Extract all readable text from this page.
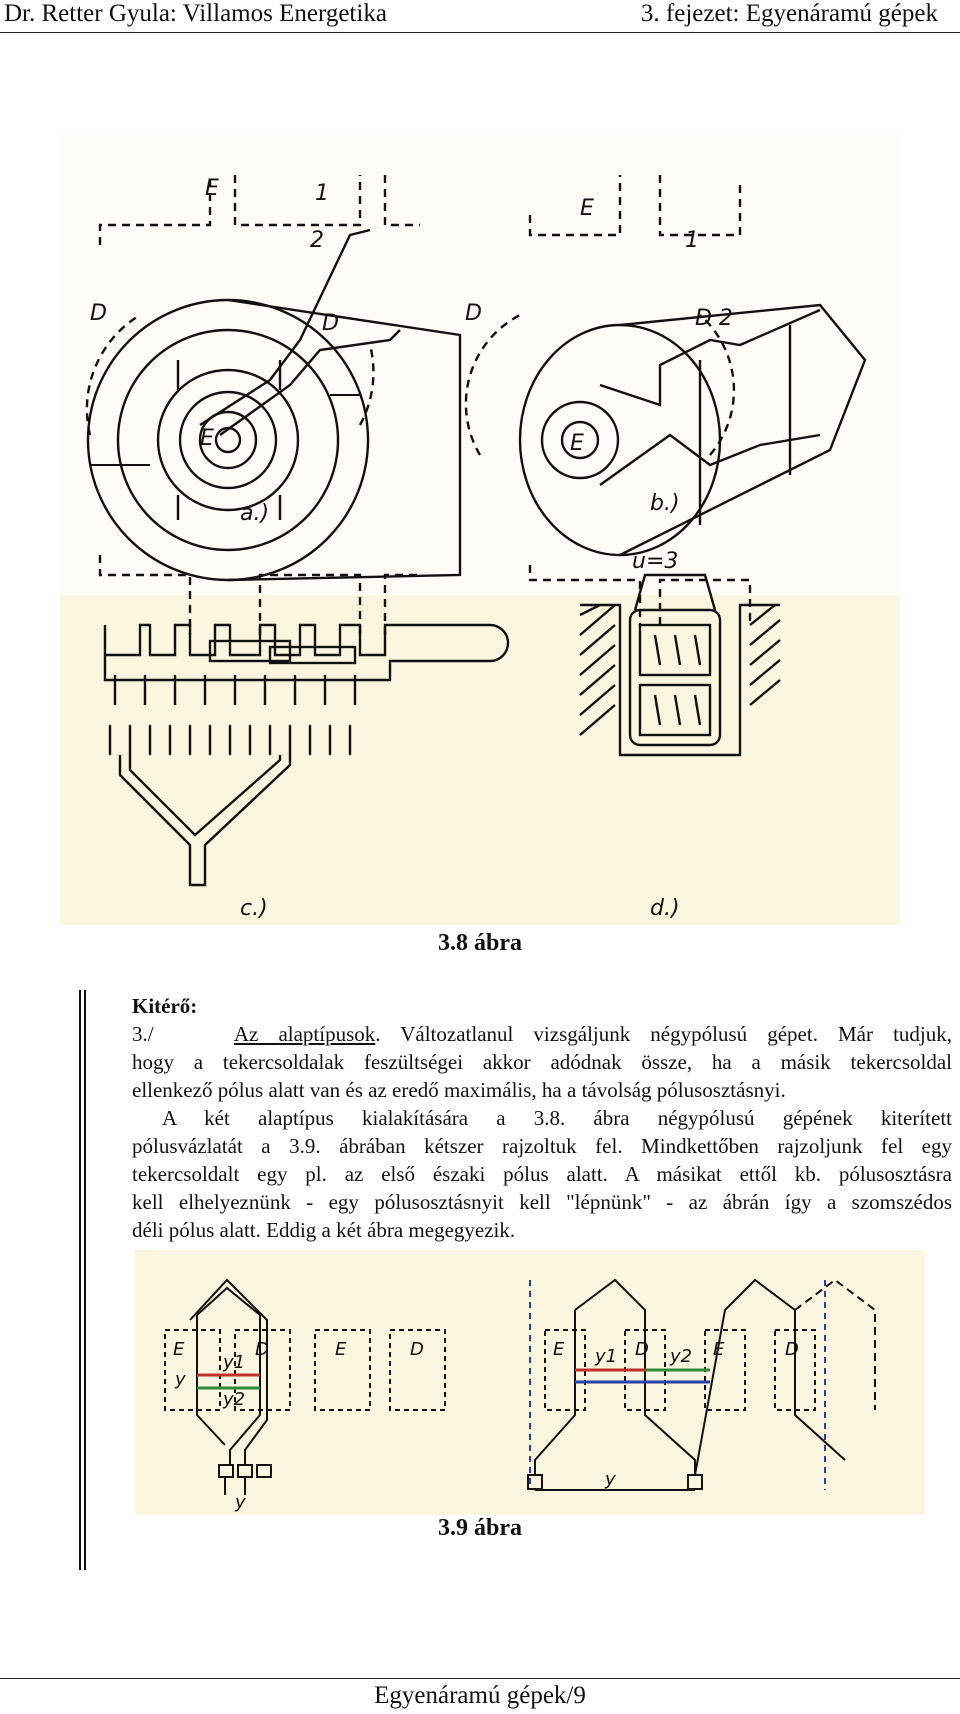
Dr. Retter Gyula: Villamos Energetika	3. fejezet: Egyenáramú gépek
E	1
2
D	D
E
a.)
E
1
D	D 2
E
b.)
u=3
c.)	d.)
3.8 ábra
Kitérő:
3./	Az alaptípusok. Változatlanul vizsgáljunk négypólusú gépet. Már tudjuk,
hogy a tekercsoldalak feszültségei akkor adódnak össze, ha a másik tekercsoldal
ellenkező pólus alatt van és az eredő maximális, ha a távolság pólusosztásnyi.
A két alaptípus kialakítására a 3.8. ábra négypólusú gépének kiterített
pólusvázlatát a 3.9. ábrában kétszer rajzoltuk fel. Mindkettőben rajzoljunk fel egy
tekercsoldalt egy pl. az első északi pólus alatt. A másikat ettől kb. pólusosztásra
kell elhelyeznünk - egy pólusosztásnyit kell "lépnünk" - az ábrán így a szomszédos
déli pólus alatt. Eddig a két ábra megegyezik.
E	D	E	D
y1
y2
y
y
E	D	E	D
y1	y2
y
3.9 ábra
Egyenáramú gépek/9
